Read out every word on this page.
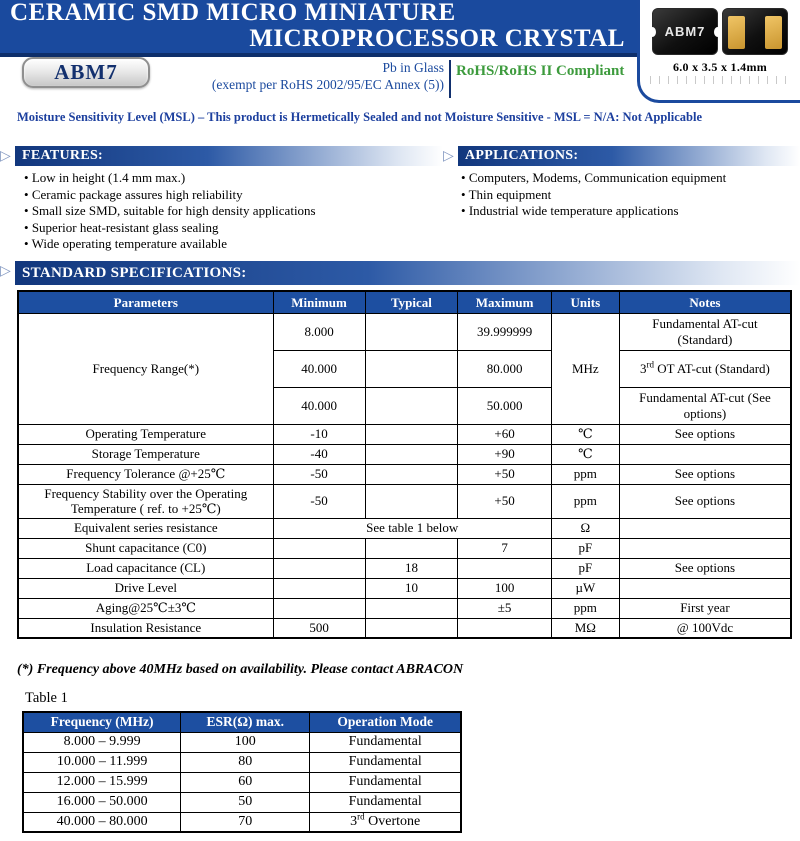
CERAMIC SMD MICRO MINIATURE
MICROPROCESSOR CRYSTAL	ABM7
6.0 x 3.5 x 1.4mm
ABM7	Pb in Glass
(exempt per RoHS 2002/95/EC Annex (5))
RoHS/RoHS II Compliant
Moisture Sensitivity Level (MSL) – This product is Hermetically Sealed and not Moisture Sensitive - MSL = N/A: Not Applicable
▷ FEATURES:
• Low in height (1.4 mm max.)
• Ceramic package assures high reliability
• Small size SMD, suitable for high density applications
• Superior heat-resistant glass sealing
• Wide operating temperature available
▷ APPLICATIONS:
• Computers, Modems, Communication equipment
• Thin equipment
• Industrial wide temperature applications
▷ STANDARD SPECIFICATIONS:
Parameters	Minimum	Typical	Maximum	Units	Notes
Frequency Range(*)	8.000		39.999999	MHz	Fundamental AT-cut (Standard)
	40.000		80.000		3rd OT AT-cut (Standard)
	40.000		50.000		Fundamental AT-cut (See options)
Operating Temperature	-10		+60	℃	See options
Storage Temperature	-40		+90	℃	
Frequency Tolerance @+25℃	-50		+50	ppm	See options
Frequency Stability over the Operating Temperature ( ref. to +25℃)	-50		+50	ppm	See options
Equivalent series resistance	See table 1 below			Ω	
Shunt capacitance (C0)			7	pF	
Load capacitance (CL)		18		pF	See options
Drive Level		10	100	µW	
Aging@25℃±3℃			±5	ppm	First year
Insulation Resistance	500			MΩ	@ 100Vdc
(*) Frequency above 40MHz based on availability. Please contact ABRACON
Table 1
Frequency (MHz)	ESR(Ω) max.	Operation Mode
8.000 – 9.999	100	Fundamental
10.000 – 11.999	80	Fundamental
12.000 – 15.999	60	Fundamental
16.000 – 50.000	50	Fundamental
40.000 – 80.000	70	3rd Overtone
